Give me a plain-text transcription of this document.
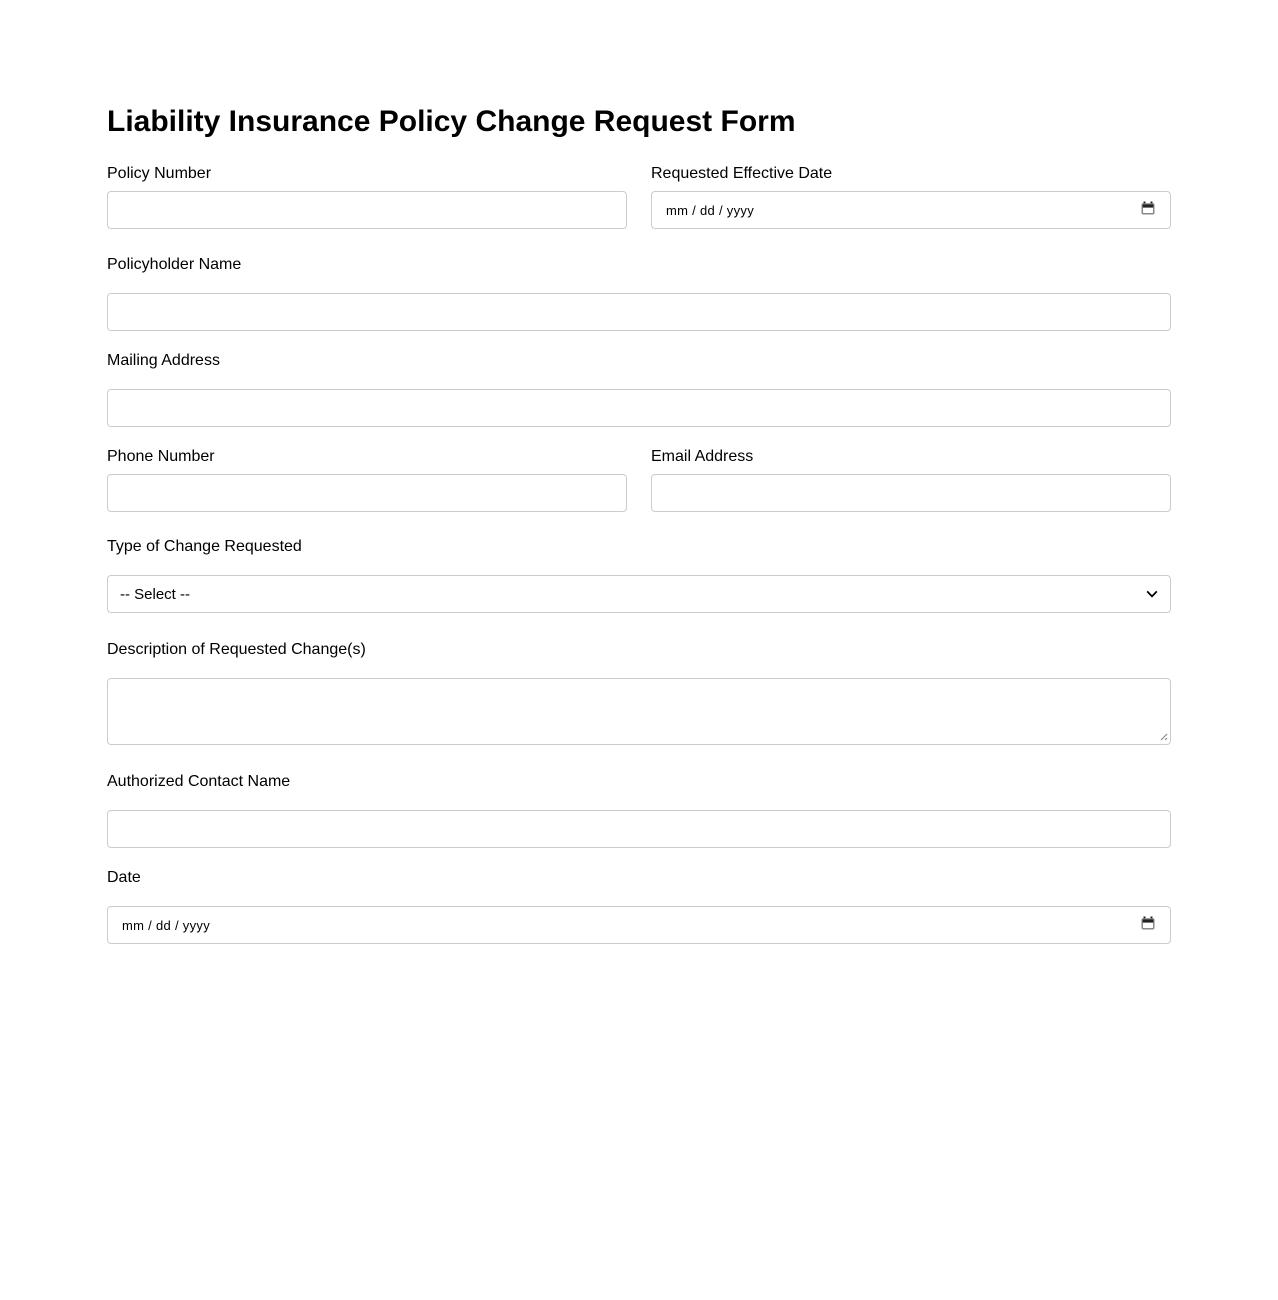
Liability Insurance Policy Change Request Form
Policy Number	Requested Effective Date
mm / dd / yyyy
Policyholder Name
Mailing Address
Phone Number	Email Address
Type of Change Requested
-- Select --
Description of Requested Change(s)
Authorized Contact Name
Date
mm / dd / yyyy
